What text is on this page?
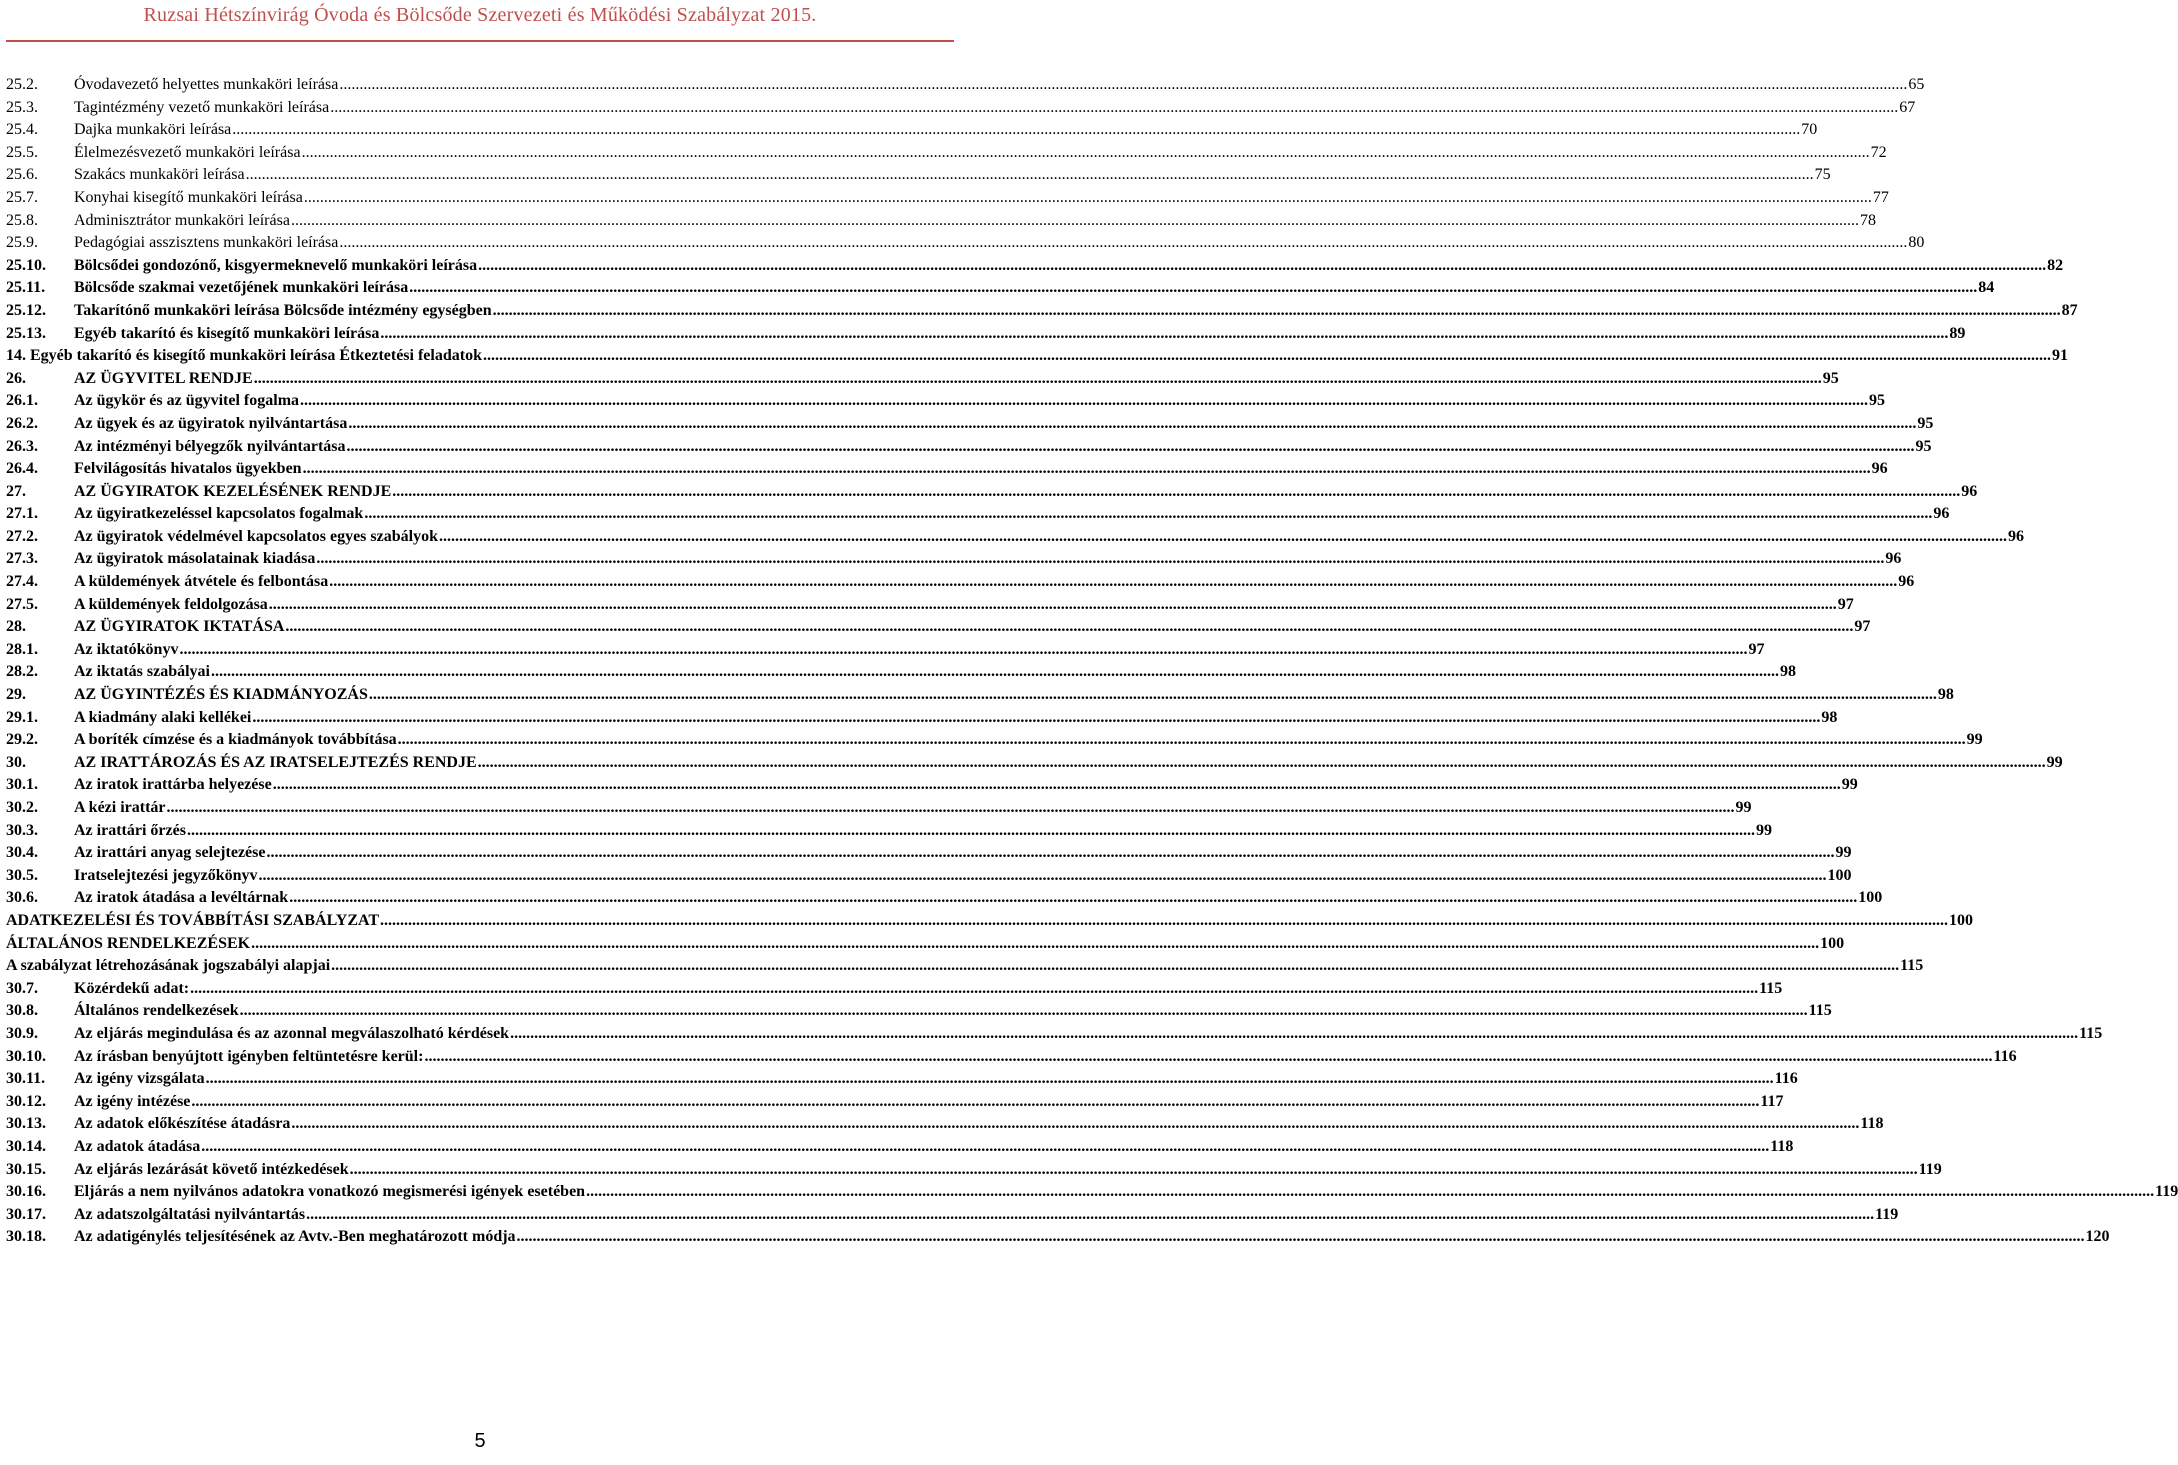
Ruzsai Hétszínvirág Óvoda és Bölcsőde Szervezeti és Működési Szabályzat 2015.
25.2.	Óvodavezető helyettes munkaköri leírása .....	65
25.3.	Tagintézmény vezető munkaköri leírása .....	67
25.4.	Dajka munkaköri leírása .....	70
25.5.	Élelmezésvezető munkaköri leírása .....	72
25.6.	Szakács munkaköri leírása .....	75
25.7.	Konyhai kisegítő munkaköri leírása .....	77
25.8.	Adminisztrátor munkaköri leírása .....	78
25.9.	Pedagógiai asszisztens munkaköri leírása .....	80
25.10.	Bölcsődei gondozónő, kisgyermeknevelő munkaköri leírása .....	82
25.11.	Bölcsőde szakmai vezetőjének munkaköri leírása .....	84
25.12.	Takarítónő munkaköri leírása Bölcsőde intézmény egységben .....	87
25.13.	Egyéb takarító és kisegítő munkaköri leírása .....	89
14. Egyéb takarító és kisegítő munkaköri leírása Étkeztetési feladatok .....	91
26.	AZ ÜGYVITEL RENDJE .....	95
26.1.	Az ügykör és az ügyvitel fogalma .....	95
26.2.	Az ügyek és az ügyiratok nyilvántartása .....	95
26.3.	Az intézményi bélyegzők nyilvántartása .....	95
26.4.	Felvilágosítás hivatalos ügyekben .....	96
27.	AZ ÜGYIRATOK KEZELÉSÉNEK RENDJE .....	96
27.1.	Az ügyiratkezeléssel kapcsolatos fogalmak .....	96
27.2.	Az ügyiratok védelmével kapcsolatos egyes szabályok .....	96
27.3.	Az ügyiratok másolatainak kiadása .....	96
27.4.	A küldemények átvétele és felbontása .....	96
27.5.	A küldemények feldolgozása .....	97
28.	AZ ÜGYIRATOK IKTATÁSA .....	97
28.1.	Az iktatókönyv .....	97
28.2.	Az iktatás szabályai .....	98
29.	AZ ÜGYINTÉZÉS ÉS KIADMÁNYOZÁS .....	98
29.1.	A kiadmány alaki kellékei .....	98
29.2.	A boríték címzése és a kiadmányok továbbítása .....	99
30.	AZ IRATTÁROZÁS ÉS AZ IRATSELEJTEZÉS RENDJE .....	99
30.1.	Az iratok irattárba helyezése .....	99
30.2.	A kézi irattár .....	99
30.3.	Az irattári őrzés .....	99
30.4.	Az irattári anyag selejtezése .....	99
30.5.	Iratselejtezési jegyzőkönyv .....	100
30.6.	Az iratok átadása a levéltárnak .....	100
ADATKEZELÉSI ÉS TOVÁBBÍTÁSI SZABÁLYZAT .....	100
ÁLTALÁNOS RENDELKEZÉSEK .....	100
A szabályzat létrehozásának jogszabályi alapjai .....	115
30.7.	Közérdekű adat: .....	115
30.8.	Általános rendelkezések .....	115
30.9.	Az eljárás megindulása és az azonnal megválaszolható kérdések .....	115
30.10.	Az írásban benyújtott igényben feltüntetésre kerül: .....	116
30.11.	Az igény vizsgálata .....	116
30.12.	Az igény intézése .....	117
30.13.	Az adatok előkészítése átadásra .....	118
30.14.	Az adatok átadása .....	118
30.15.	Az eljárás lezárását követő intézkedések .....	119
30.16.	Eljárás a nem nyilvános adatokra vonatkozó megismerési igények esetében .....	119
30.17.	Az adatszolgáltatási nyilvántartás .....	119
30.18.	Az adatigénylés teljesítésének az Avtv.-Ben meghatározott módja .....	120
5
